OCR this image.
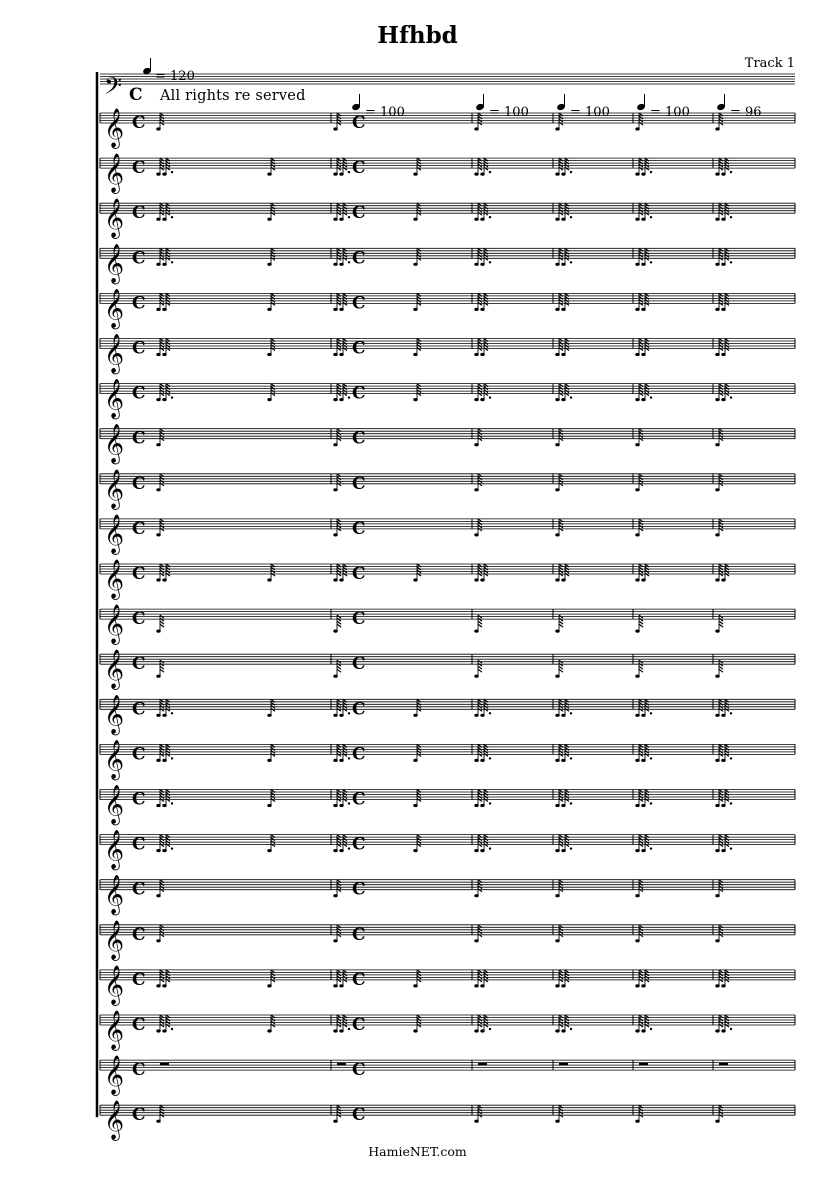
Hfhbd
Track 1
All rights re served
𝄢 C
= 120
= 100	= 100	= 100	= 100	= 96
𝄞 C	C
𝄞 C	C
𝄞 C	C
𝄞 C	C
𝄞 C	C
𝄞 C	C
𝄞 C	C
𝄞 C	C
𝄞 C	C
𝄞 C	C
𝄞 C	C
𝄞 C	C
𝄞 C	C
𝄞 C	C
𝄞 C	C
𝄞 C	C
𝄞 C	C
𝄞 C	C
𝄞 C	C
𝄞 C	C
𝄞 C	C
𝄞 C	C
𝄞 C	C
HamieNET.com
